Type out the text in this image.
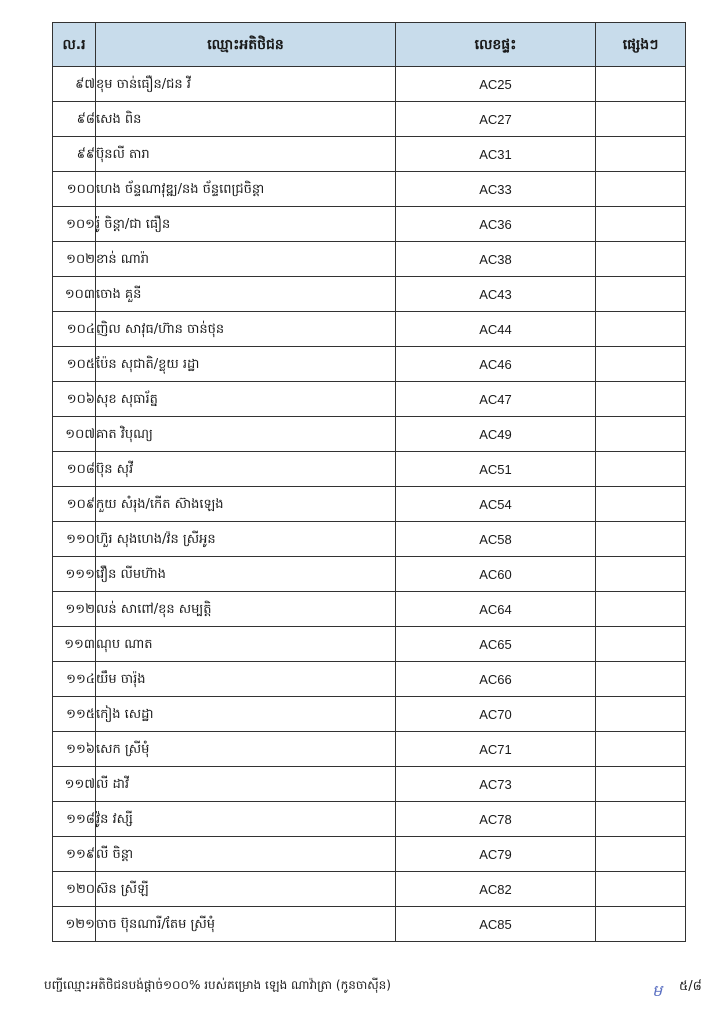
ល.រ	ឈ្មោះអតិថិជន	លេខផ្ទះ	ផ្សេងៗ
៩៧	ខុម ចាន់ធឿន/ជន វី	AC25	
៩៨	សេង ពិន	AC27	
៩៩	ប៊ុនលី តារា	AC31	
១០០	ហេង ច័ន្ទណាវុឌ្ឍ/នង ច័ន្ទពេជ្រចិន្តា	AC33	
១០១	រ៉ូ ចិន្តា/ជា ធឿន	AC36	
១០២	ខាន់ ណារ៉ា	AC38	
១០៣	ចោង គួនី	AC43	
១០៤	ញិល សាវុធ/ហ៊ាន ចាន់ថុន	AC44	
១០៥	ប៉ែន សុជាតិ/ខ្លុយ រដ្ឋា	AC46	
១០៦	សុខ សុធារ័ត្ន	AC47	
១០៧	គាត វិបុណ្យ	AC49	
១០៨	ប៊ុន សុវី	AC51	
១០៩	កួយ សំរុង/កើត ស៊ាងឡេង	AC54	
១១០	ហ៊ួរ សុងហេង/វ៉ន ស្រីអូន	AC58	
១១១	វឿន លីមហ៊ាង	AC60	
១១២	លន់ សាពៅ/ខុន សម្បត្តិ	AC64	
១១៣	ណុប ណាត	AC65	
១១៤	យឹម ចារ៉ុង	AC66	
១១៥	កៀង សេដ្ឋា	AC70	
១១៦	សេក ស្រីមុំ	AC71	
១១៧	លី ដាវី	AC73	
១១៨	វ៉ូន វស្សី	AC78	
១១៩	លី ចិន្តា	AC79	
១២០	ស៊ន ស្រីឡី	AC82	
១២១	ចាច ប៊ុនណារី/តែម ស្រីមុំ	AC85	
បញ្ជីឈ្មោះអតិថិជនបង់ផ្ដាច់១០០% របស់គម្រោង ឡេង ណាវ៉ាត្រា (កូនចាស៊ីន)	ម ៥/៨
